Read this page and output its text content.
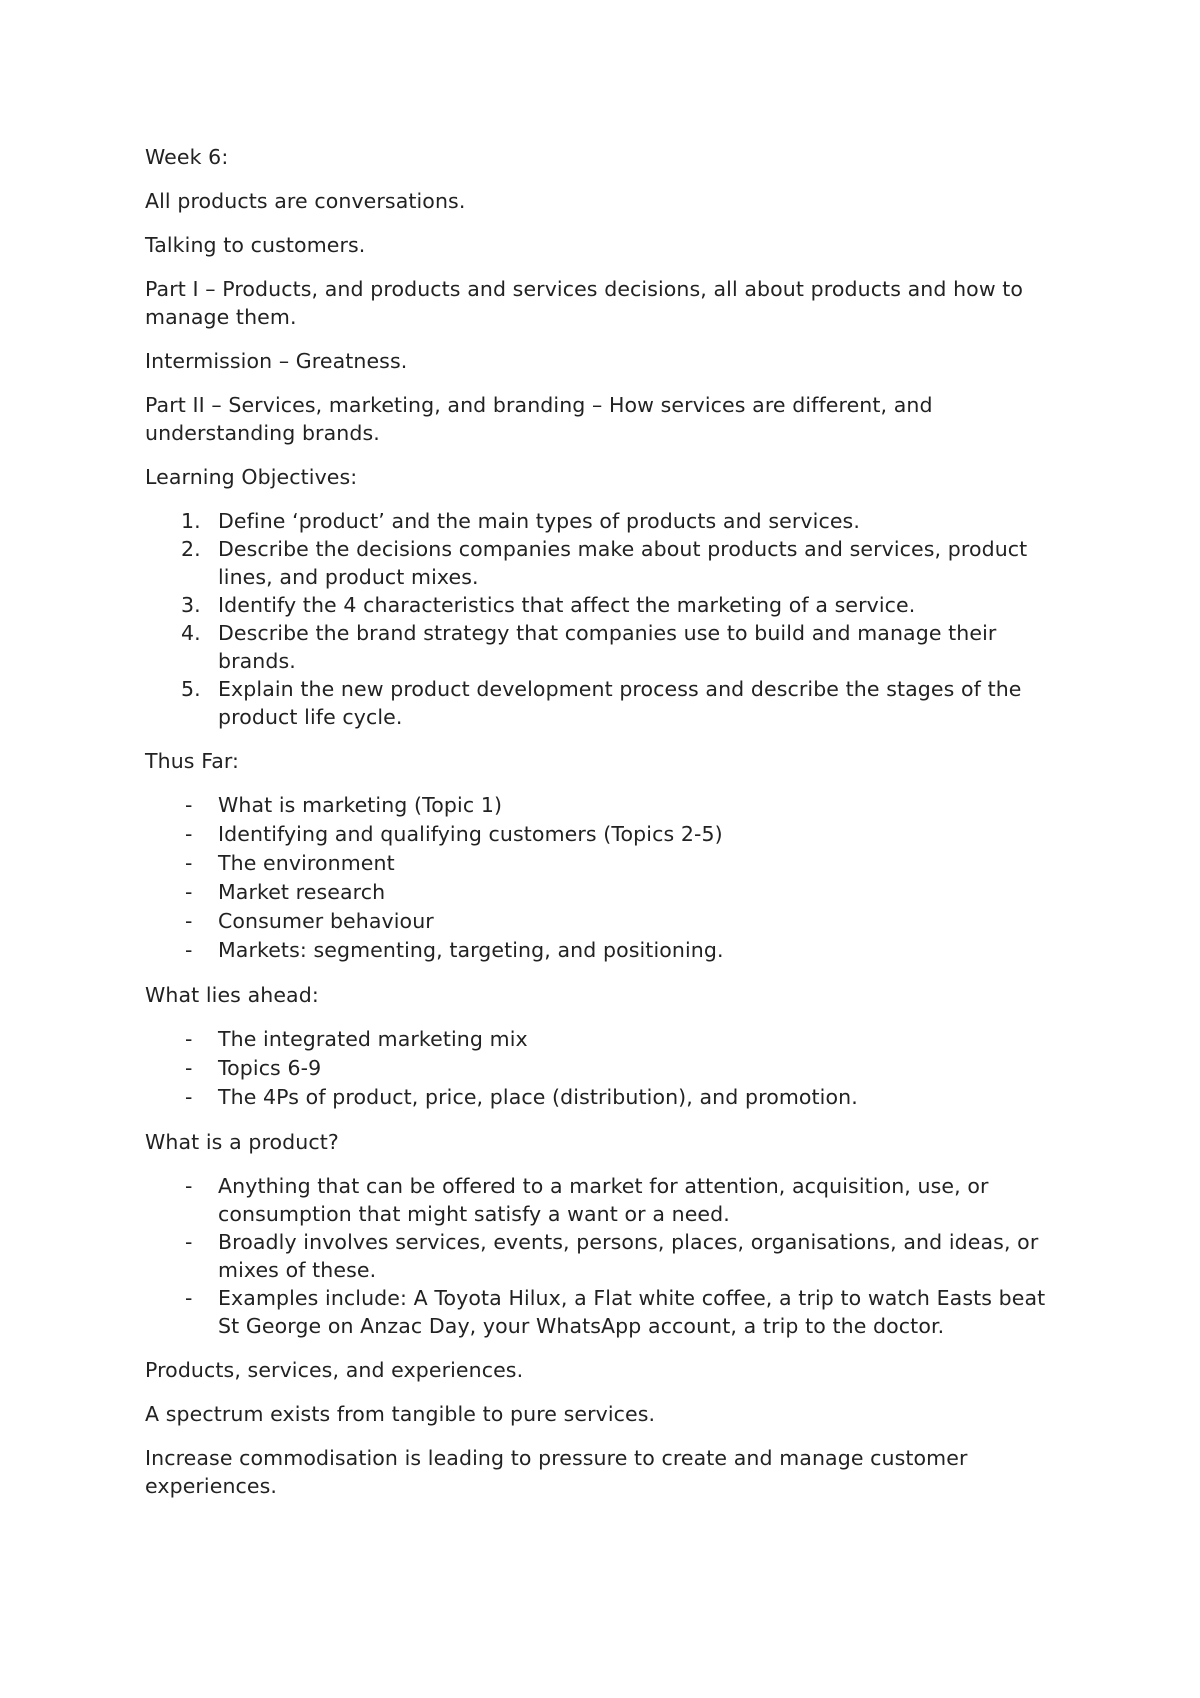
Week 6:

All products are conversations.

Talking to customers.

Part I – Products, and products and services decisions, all about products and how to manage them.

Intermission – Greatness.

Part II – Services, marketing, and branding – How services are different, and understanding brands.

Learning Objectives:

1. Define ‘product’ and the main types of products and services.
2. Describe the decisions companies make about products and services, product lines, and product mixes.
3. Identify the 4 characteristics that affect the marketing of a service.
4. Describe the brand strategy that companies use to build and manage their brands.
5. Explain the new product development process and describe the stages of the product life cycle.

Thus Far:

-	What is marketing (Topic 1)
-	Identifying and qualifying customers (Topics 2-5)
-	The environment
-	Market research
-	Consumer behaviour
-	Markets: segmenting, targeting, and positioning.

What lies ahead:

-	The integrated marketing mix
-	Topics 6-9
-	The 4Ps of product, price, place (distribution), and promotion.

What is a product?

-	Anything that can be offered to a market for attention, acquisition, use, or consumption that might satisfy a want or a need.
-	Broadly involves services, events, persons, places, organisations, and ideas, or mixes of these.
-	Examples include: A Toyota Hilux, a Flat white coffee, a trip to watch Easts beat St George on Anzac Day, your WhatsApp account, a trip to the doctor.

Products, services, and experiences.

A spectrum exists from tangible to pure services.

Increase commodisation is leading to pressure to create and manage customer experiences.
